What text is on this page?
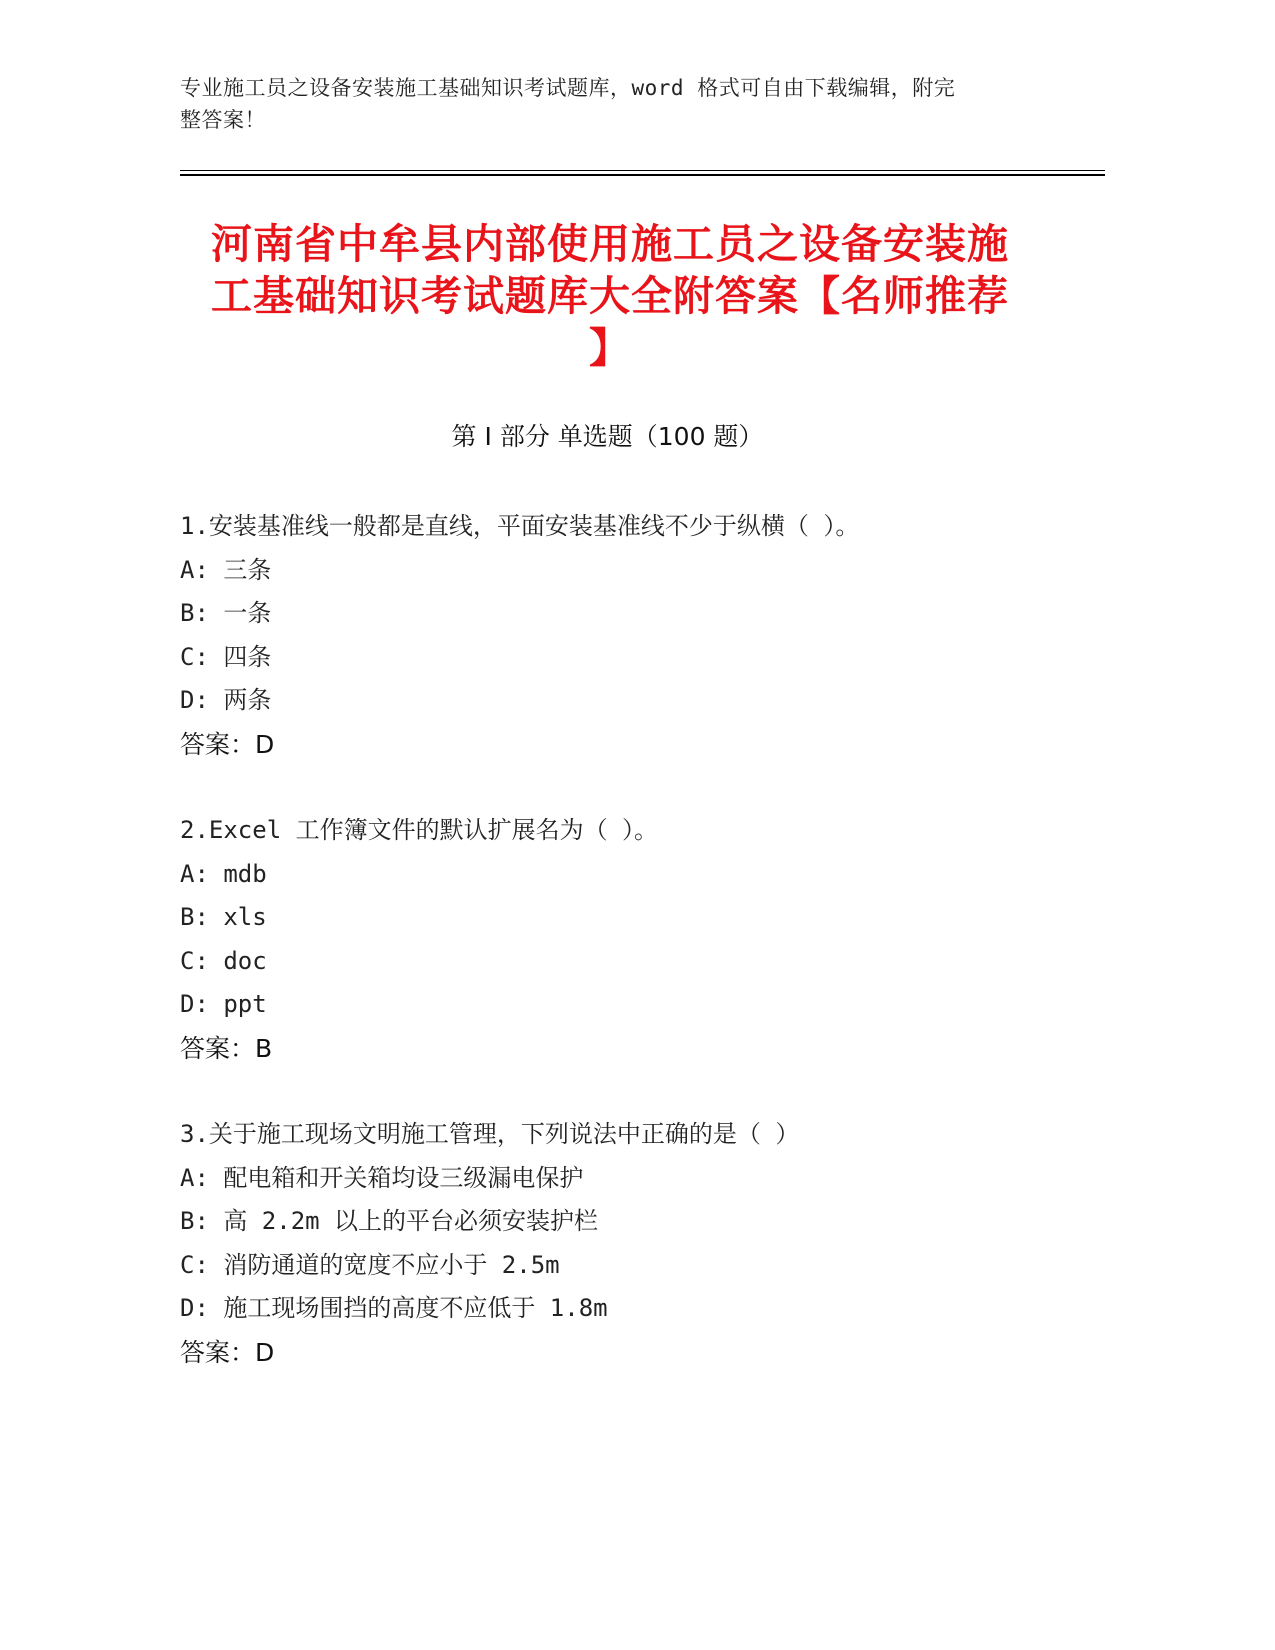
专业施工员之设备安装施工基础知识考试题库，word 格式可自由下载编辑，附完
整答案！
河南省中牟县内部使用施工员之设备安装施
工基础知识考试题库大全附答案【名师推荐
】
第 I 部分 单选题（100 题）
1.安装基准线一般都是直线，平面安装基准线不少于纵横（ ）。
A: 三条
B: 一条
C: 四条
D: 两条
答案：D
2.Excel 工作簿文件的默认扩展名为（ ）。
A: mdb
B: xls
C: doc
D: ppt
答案：B
3.关于施工现场文明施工管理，下列说法中正确的是（ ）
A: 配电箱和开关箱均设三级漏电保护
B: 高 2.2m 以上的平台必须安装护栏
C: 消防通道的宽度不应小于 2.5m
D: 施工现场围挡的高度不应低于 1.8m
答案：D
